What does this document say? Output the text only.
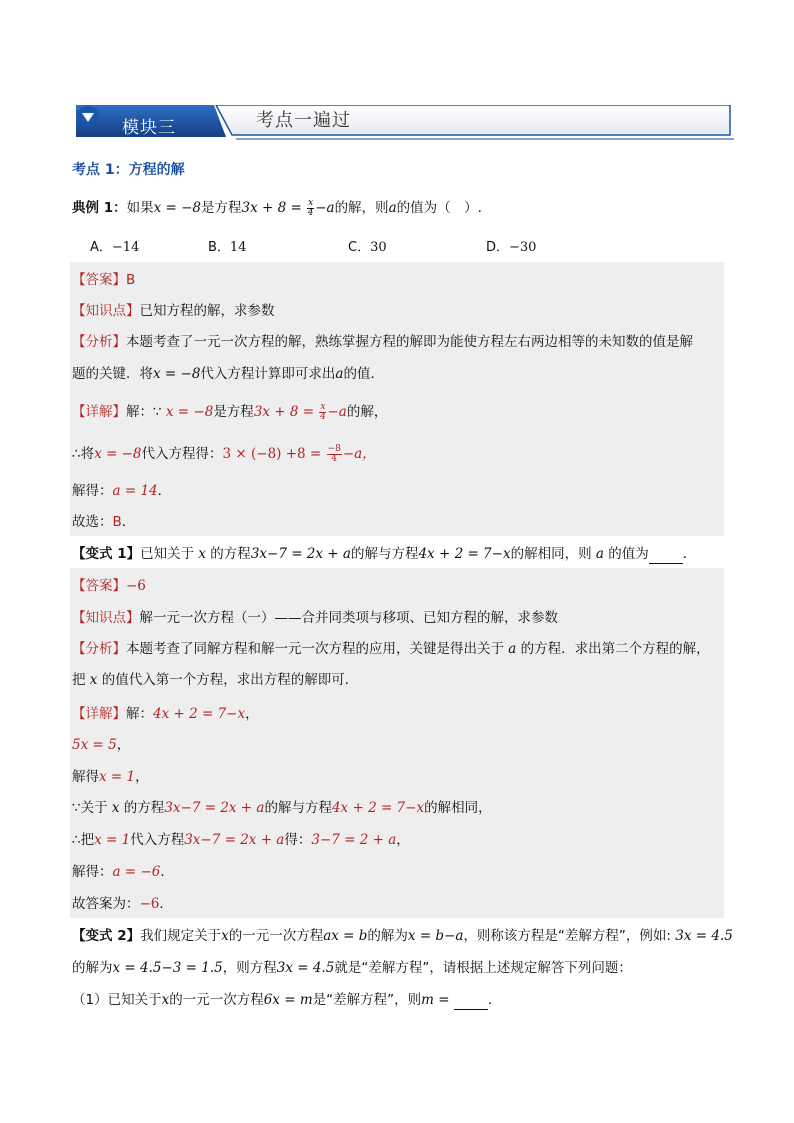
模块三	考点一遍过
考点 1：方程的解
典例 1：如果x = −8是方程$3x + 8 = \frac{x}{4} -a$的解，则a的值为（　）.
A．−14	B．14	C．30	D．−30
【答案】B
【知识点】已知方程的解，求参数
【分析】本题考查了一元一次方程的解，熟练掌握方程的解即为能使方程左右两边相等的未知数的值是解
题的关键．将x = −8代入方程计算即可求出a的值．
【详解】解：∵ x = −8是方程$3x + 8 = \frac{x}{4} -a$的解，
∴将x = −8代入方程得：$3 \times (-8) +8 = \frac{-8}{4} -a$，
解得：a = 14．
故选：B．
【变式 1】已知关于 x 的方程3x−7 = 2x + a的解与方程4x + 2 = 7−x的解相同，则 a 的值为	．
【答案】−6
【知识点】解一元一次方程（一）——合并同类项与移项、已知方程的解，求参数
【分析】本题考查了同解方程和解一元一次方程的应用，关键是得出关于 a 的方程．求出第二个方程的解，
把 x 的值代入第一个方程，求出方程的解即可．
【详解】解：4x + 2 = 7−x，
5x = 5，
解得x = 1，
∵关于 x 的方程3x−7 = 2x + a的解与方程4x + 2 = 7−x的解相同，
∴把x = 1代入方程3x−7 = 2x + a得：3−7 = 2 + a，
解得：a = −6．
故答案为：−6．
【变式 2】我们规定关于x的一元一次方程ax = b的解为x = b−a，则称该方程是“差解方程”，例如: 3x = 4.5
的解为x = 4.5−3 = 1.5，则方程3x = 4.5就是“差解方程”，请根据上述规定解答下列问题：
（1）已知关于x的一元一次方程6x = m是“差解方程”，则m =	．
